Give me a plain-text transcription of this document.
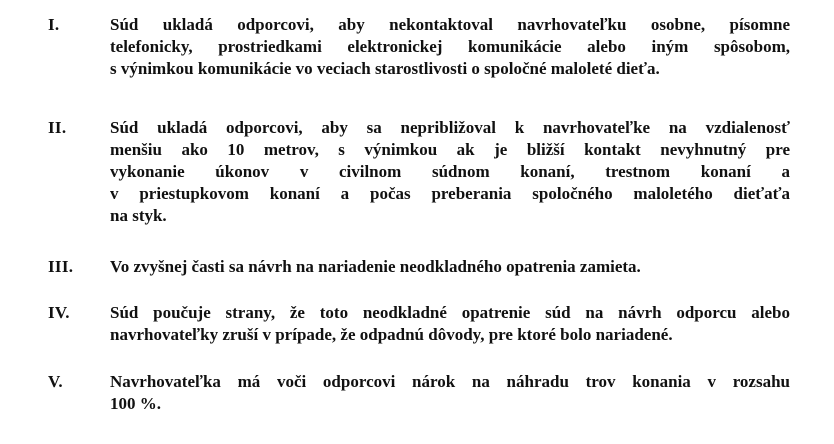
I.	Súd ukladá odporcovi, aby nekontaktoval navrhovateľku osobne, písomne
telefonicky, prostriedkami elektronickej komunikácie alebo iným spôsobom,
s výnimkou komunikácie vo veciach starostlivosti o spoločné maloleté dieťa.
II.	Súd ukladá odporcovi, aby sa nepribližoval k navrhovateľke na vzdialenosť
menšiu ako 10 metrov, s výnimkou ak je bližší kontakt nevyhnutný pre
vykonanie úkonov v civilnom súdnom konaní, trestnom konaní a
v priestupkovom konaní a počas preberania spoločného maloletého dieťaťa
na styk.
III. Vo zvyšnej časti sa návrh na nariadenie neodkladného opatrenia zamieta.
IV. Súd poučuje strany, že toto neodkladné opatrenie súd na návrh odporcu alebo
navrhovateľky zruší v prípade, že odpadnú dôvody, pre ktoré bolo nariadené.
V.	Navrhovateľka má voči odporcovi nárok na náhradu trov konania v rozsahu
100 %.
